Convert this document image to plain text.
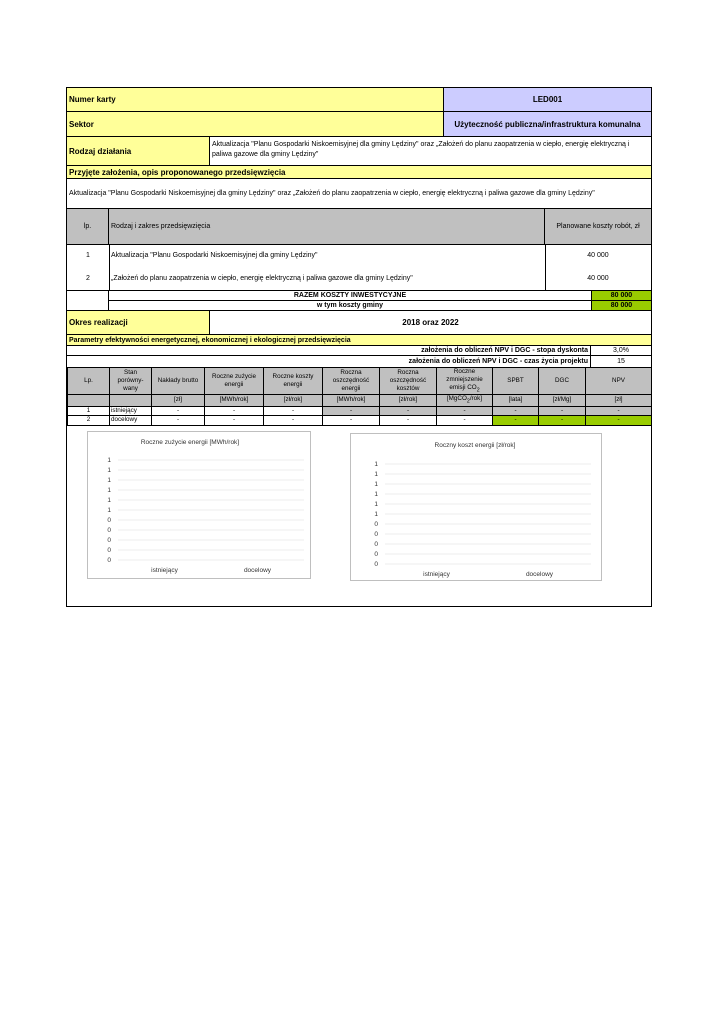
Numer karty	LED001
Sektor	Użyteczność publiczna/infrastruktura komunalna
Rodzaj działania
Aktualizacja "Planu Gospodarki Niskoemisyjnej dla gminy Lędziny" oraz „Założeń do planu zaopatrzenia w ciepło, energię elektryczną i paliwa gazowe dla gminy Lędziny"
Przyjęte założenia, opis proponowanego przedsięwzięcia
Aktualizacja "Planu Gospodarki Niskoemisyjnej dla gminy Lędziny" oraz „Założeń do planu zaopatrzenia w ciepło, energię elektryczną i paliwa gazowe dla gminy Lędziny"
lp.	Rodzaj i zakres przedsięwzięcia	Planowane koszty robót, zł
1	Aktualizacja "Planu Gospodarki Niskoemisyjnej dla gminy Lędziny"	40 000
2	„Założeń do planu zaopatrzenia w ciepło, energię elektryczną i paliwa gazowe dla gminy Lędziny"	40 000
RAZEM KOSZTY INWESTYCYJNE	80 000
w tym koszty gminy	80 000
Okres realizacji	2018 oraz 2022
Parametry efektywności energetycznej, ekonomicznej i ekologicznej przedsięwzięcia
założenia do obliczeń NPV i DGC - stopa dyskonta	3,0%
założenia do obliczeń NPV i DGC - czas życia projektu	15
Lp.	Stan porówny-wany	Nakłady brutto	Roczne zużycie energii	Roczne koszty energii	Roczna oszczędność energii	Roczna oszczędność kosztów	Roczne zmniejszenie emisji $CO_2$	SPBT	DGC	NPV
		[zł]	[MWh/rok]	[zł/rok]	[MWh/rok]	[zł/rok]	[MgCO$_2$/rok]	[lata]	[zł/Mg]	[zł]
1	istniejący	-	-	-	-	-	-	-	-	-
2	docelowy	-	-	-	-	-	-	-	-	-
Roczne zużycie energii [MWh/rok]
1
1
1
1
1
1
0
0
0
0
0
istniejący	docelowy
Roczny koszt energii [zł/rok]
1
1
1
1
1
1
0
0
0
0
0
istniejący	docelowy
